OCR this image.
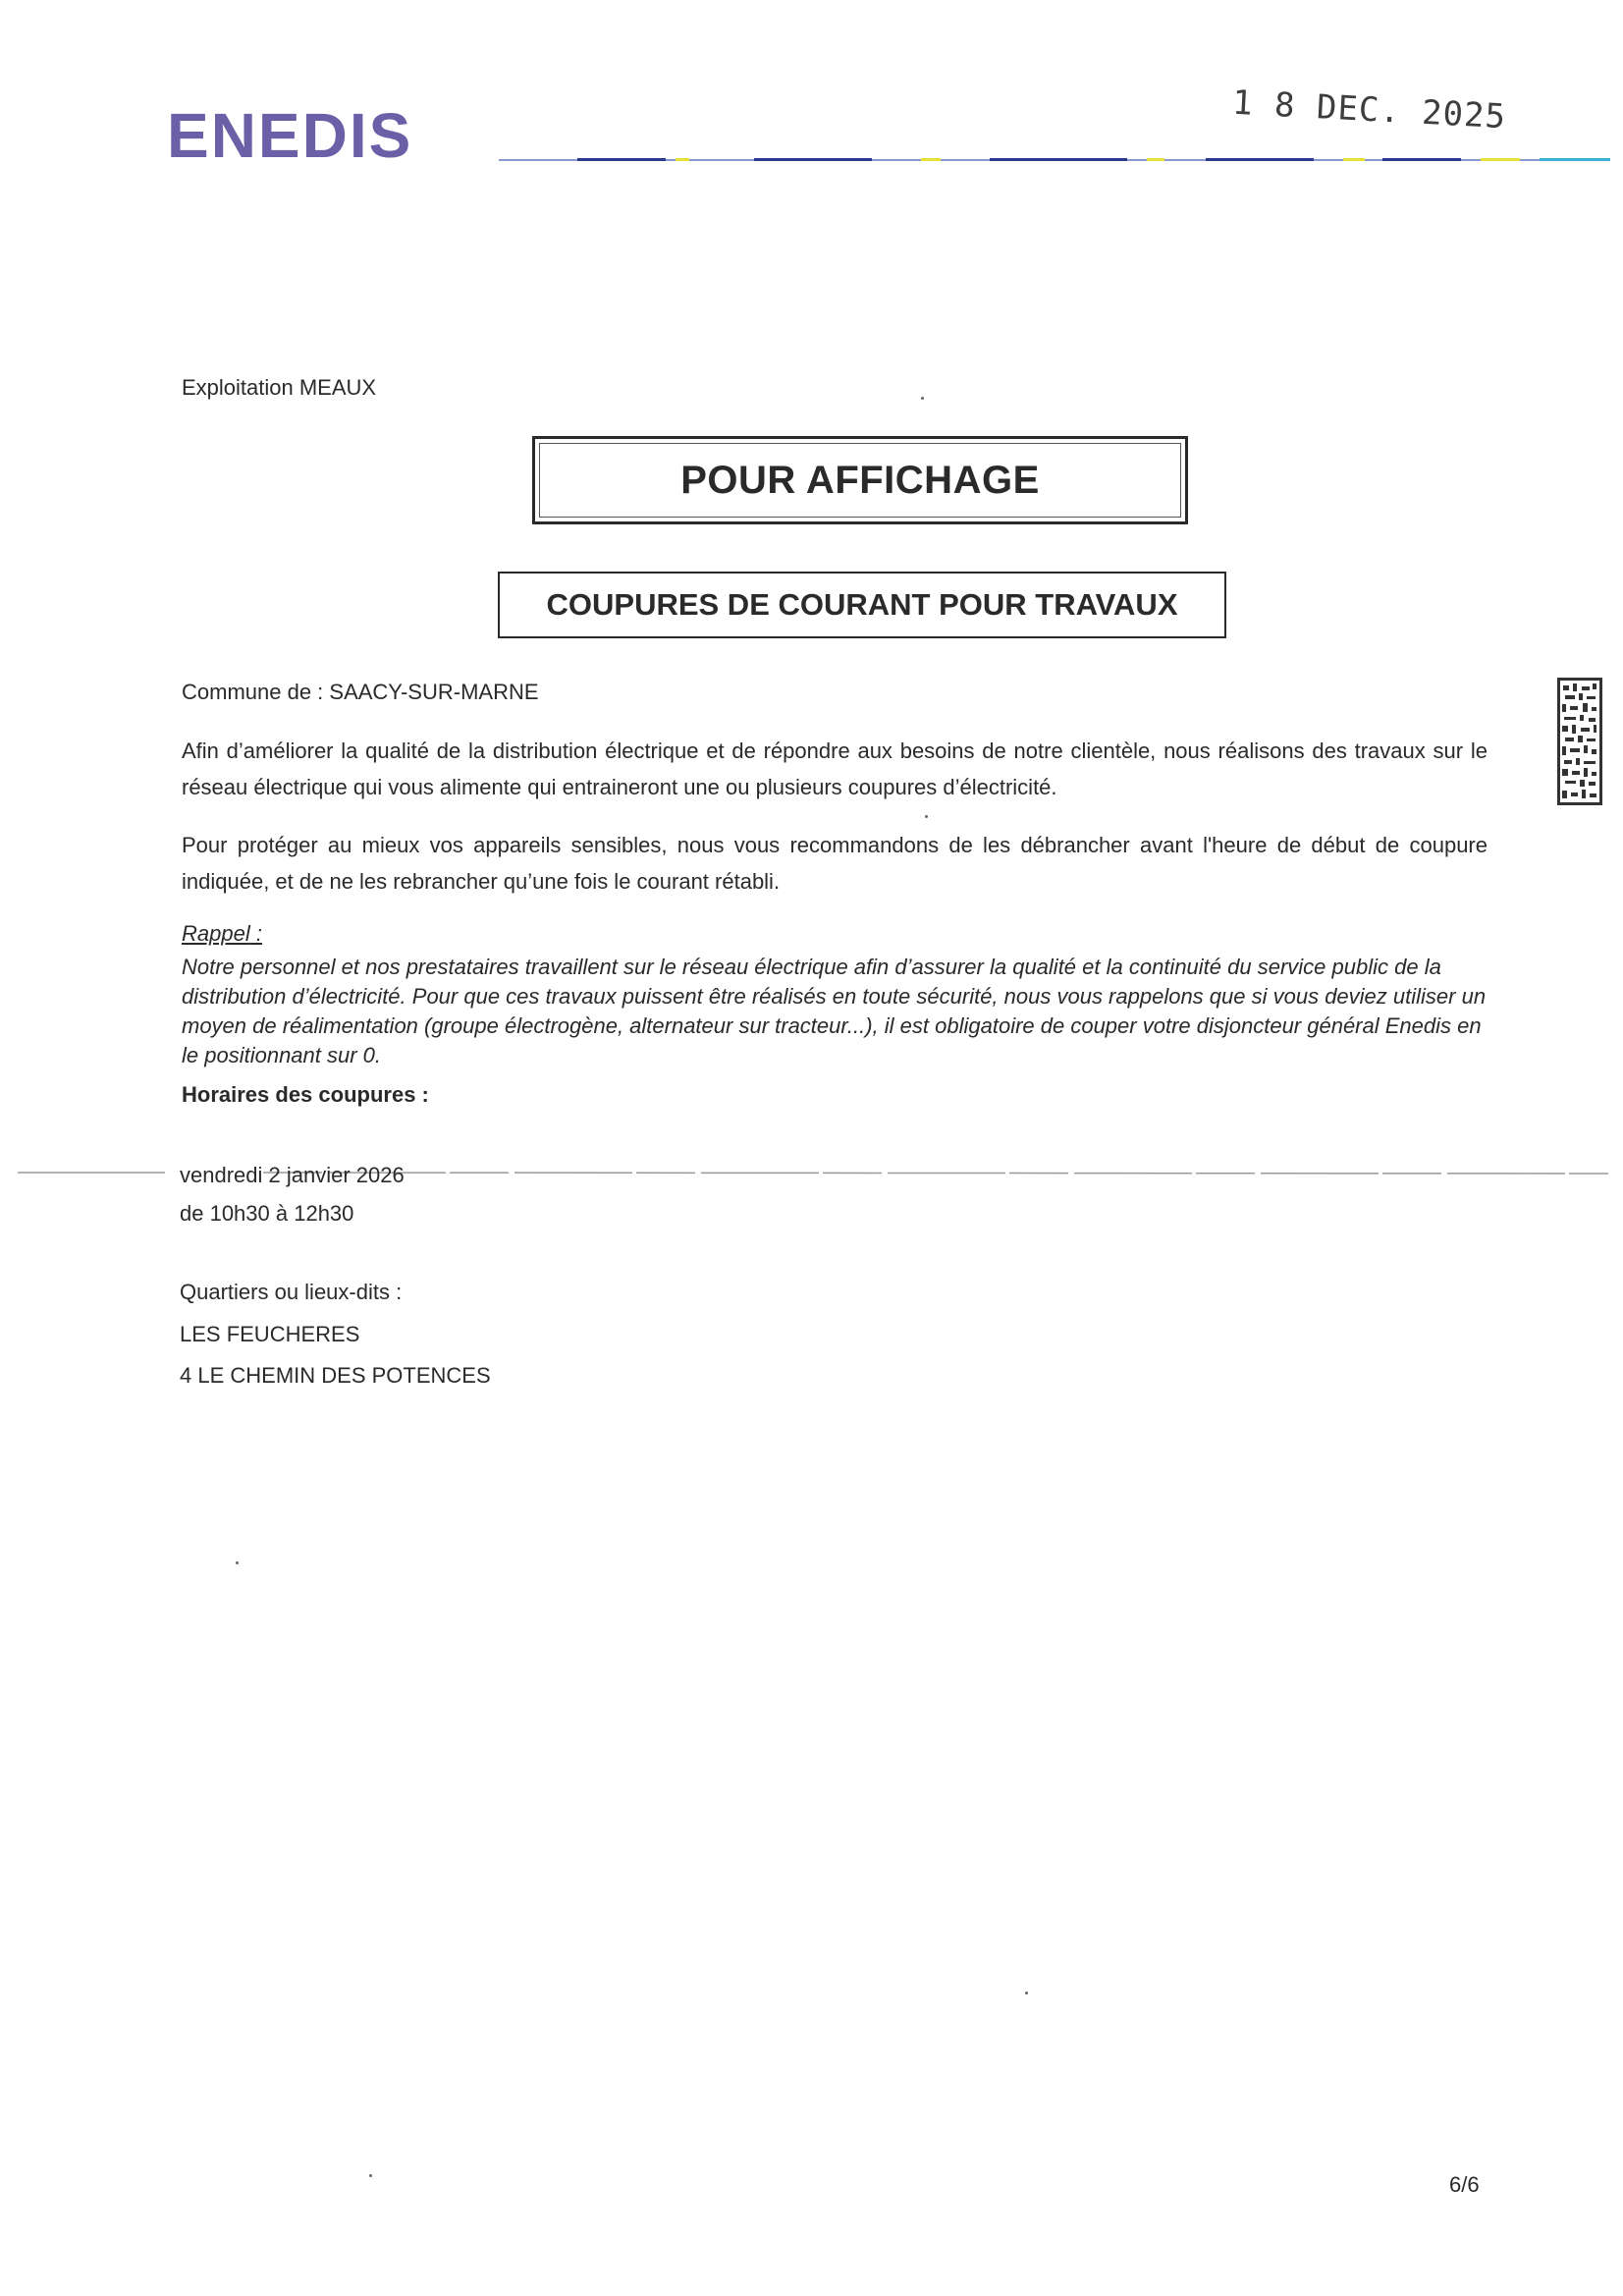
ENEDIS	1 8 DEC. 2025
Exploitation MEAUX
POUR AFFICHAGE
COUPURES DE COURANT POUR TRAVAUX
Commune de : SAACY-SUR-MARNE
Afin d’améliorer la qualité de la distribution électrique et de répondre aux besoins de notre clientèle, nous réalisons des travaux sur le réseau électrique qui vous alimente qui entraineront une ou plusieurs coupures d’électricité.
Pour protéger au mieux vos appareils sensibles, nous vous recommandons de les débrancher avant l'heure de début de coupure indiquée, et de ne les rebrancher qu’une fois le courant rétabli.
Rappel :
Notre personnel et nos prestataires travaillent sur le réseau électrique afin d’assurer la qualité et la continuité du service public de la distribution d’électricité. Pour que ces travaux puissent être réalisés en toute sécurité, nous vous rappelons que si vous deviez utiliser un moyen de réalimentation (groupe électrogène, alternateur sur tracteur...), il est obligatoire de couper votre disjoncteur général Enedis en le positionnant sur 0.
Horaires des coupures :
vendredi 2 janvier 2026
de 10h30 à 12h30
Quartiers ou lieux-dits :
LES FEUCHERES
4 LE CHEMIN DES POTENCES
6/6
